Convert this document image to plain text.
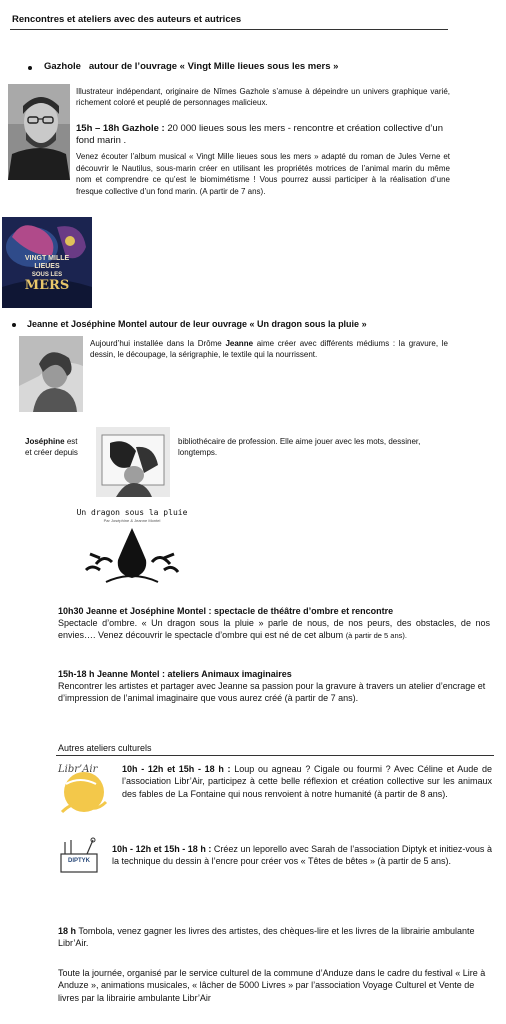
Rencontres et ateliers avec des auteurs et autrices
Gazhole autour de l’ouvrage « Vingt Mille lieues sous les mers »
Illustrateur indépendant, originaire de Nîmes Gazhole s’amuse à dépeindre un univers graphique varié, richement coloré et peuplé de personnages malicieux.
15h – 18h Gazhole : 20 000 lieues sous les mers - rencontre et création collective d’un fond marin .
Venez écouter l’album musical « Vingt Mille lieues sous les mers » adapté du roman de Jules Verne et découvrir le Nautilus, sous-marin créer en utilisant les propriétés motrices de l’animal marin du même nom et comprendre ce qu’est le biomimétisme ! Vous pourrez aussi participer à la réalisation d’une fresque collective d’un fond marin. (A partir de 7 ans).
VINGT MILLE
LIEUES
SOUS LES
MERS
Jeanne et Joséphine Montel autour de leur ouvrage « Un dragon sous la pluie »
Aujourd’hui installée dans la Drôme Jeanne aime créer avec différents médiums : la gravure, le dessin, le découpage, la sérigraphie, le textile qui la nourrissent.
Joséphine est
et créer depuis
bibliothécaire de profession. Elle aime jouer avec les mots, dessiner, longtemps.
Un dragon sous la pluie
Par Joséphine & Jeanne Montel
10h30 Jeanne et Joséphine Montel : spectacle de théâtre d’ombre et rencontre
Spectacle d’ombre. « Un dragon sous la pluie » parle de nous, de nos peurs, des obstacles, de nos envies…. Venez découvrir le spectacle d’ombre qui est né de cet album (à partir de 5 ans).
15h-18 h Jeanne Montel : ateliers Animaux imaginaires
Rencontrer les artistes et partager avec Jeanne sa passion pour la gravure à travers un atelier d’encrage et d’impression de l’animal imaginaire que vous aurez créé (à partir de 7 ans).
Autres ateliers culturels
Libr’Air	10h - 12h et 15h - 18 h : Loup ou agneau ? Cigale ou fourmi ? Avec Céline et Aude de l’association Libr’Air, participez à cette belle réflexion et création collective sur les animaux des fables de La Fontaine qui nous renvoient à notre humanité (à partir de 8 ans).
DIPTYK
10h - 12h et 15h - 18 h : Créez un leporello avec Sarah de l’association Diptyk et initiez-vous à la technique du dessin à l’encre pour créer vos « Têtes de bêtes » (à partir de 5 ans).
18 h Tombola, venez gagner les livres des artistes, des chèques-lire et les livres de la librairie ambulante Libr’Air.
Toute la journée, organisé par le service culturel de la commune d’Anduze dans le cadre du festival « Lire à Anduze », animations musicales, « lâcher de 5000 Livres » par l’association Voyage Culturel et Vente de livres par la librairie ambulante Libr’Air
